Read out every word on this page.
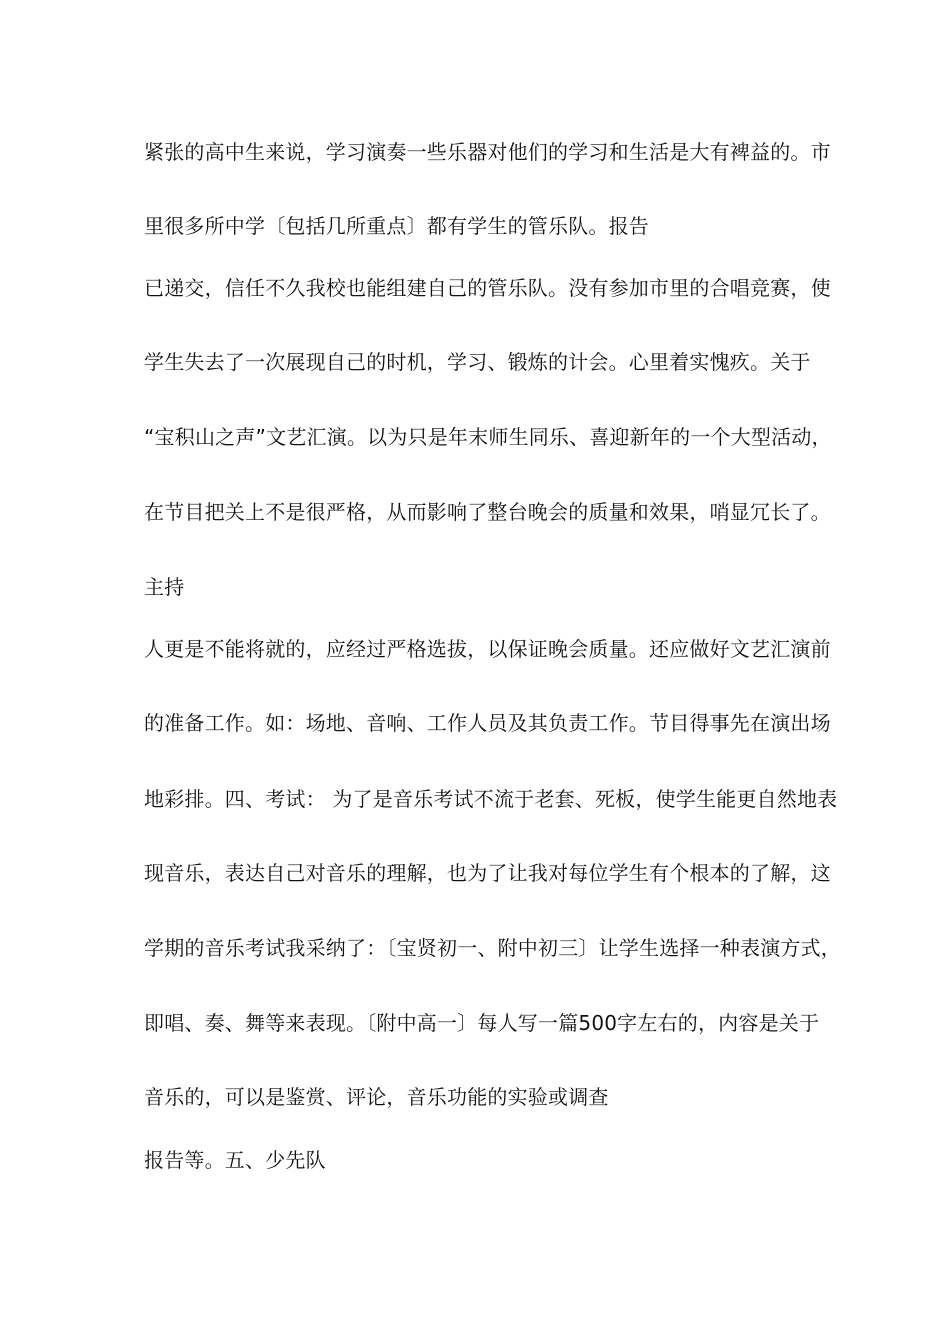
紧张的高中生来说，学习演奏一些乐器对他们的学习和生活是大有裨益的。市
里很多所中学〔包括几所重点〕都有学生的管乐队。报告
已递交，信任不久我校也能组建自己的管乐队。没有参加市里的合唱竞赛，使
学生失去了一次展现自己的时机，学习、锻炼的计会。心里着实愧疚。关于
“宝积山之声”文艺汇演。以为只是年末师生同乐、喜迎新年的一个大型活动，
在节目把关上不是很严格，从而影响了整台晚会的质量和效果，哨显冗长了。
主持
人更是不能将就的，应经过严格选拔，以保证晚会质量。还应做好文艺汇演前
的准备工作。如：场地、音响、工作人员及其负责工作。节目得事先在演出场
地彩排。四、考试： 为了是音乐考试不流于老套、死板，使学生能更自然地表
现音乐，表达自己对音乐的理解，也为了让我对每位学生有个根本的了解，这
学期的音乐考试我采纳了：〔宝贤初一、附中初三〕让学生选择一种表演方式，
即唱、奏、舞等来表现。〔附中高一〕每人写一篇500字左右的，内容是关于
音乐的，可以是鉴赏、评论，音乐功能的实验或调查
报告等。五、少先队
